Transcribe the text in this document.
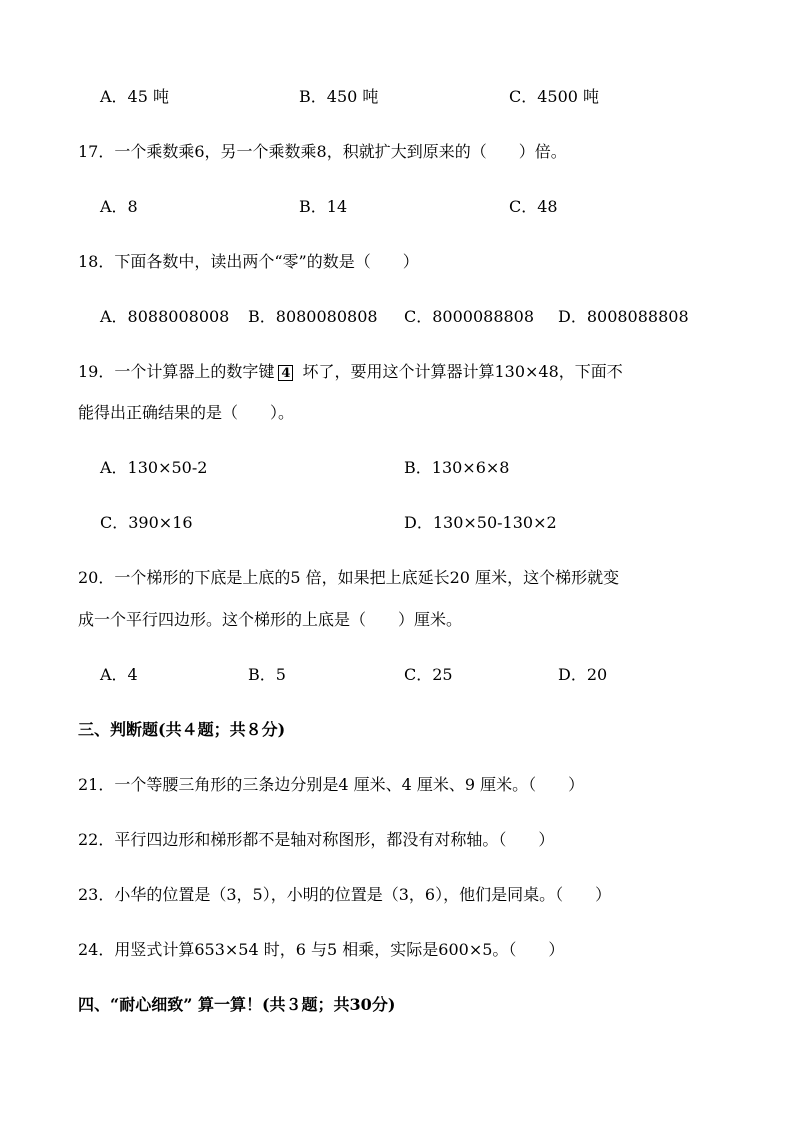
A．45 吨	B．450 吨	C．4500 吨
17．一个乘数乘6，另一个乘数乘8，积就扩大到原来的（　　）倍。
A．8	B．14	C．48
18．下面各数中，读出两个“零”的数是（　　）
A．8088008008 B．8080080808 C．8000088808 D．8008088808
19．一个计算器上的数字键 4 坏了，要用这个计算器计算130×48，下面不
能得出正确结果的是（　　）。
A．130×50-2	B．130×6×8
C．390×16	D．130×50-130×2
20．一个梯形的下底是上底的5 倍，如果把上底延长20 厘米，这个梯形就变
成一个平行四边形。这个梯形的上底是（　　）厘米。
A．4	B．5	C．25	D．20
三、判断题(共４题；共８分)
21．一个等腰三角形的三条边分别是4 厘米、4 厘米、9 厘米。（　　）
22．平行四边形和梯形都不是轴对称图形，都没有对称轴。（　　）
23．小华的位置是（3，5），小明的位置是（3，6），他们是同桌。（　　）
24．用竖式计算653×54 时，6 与5 相乘，实际是600×5。（　　）
四、“耐心细致” 算一算！(共３题；共30分)
